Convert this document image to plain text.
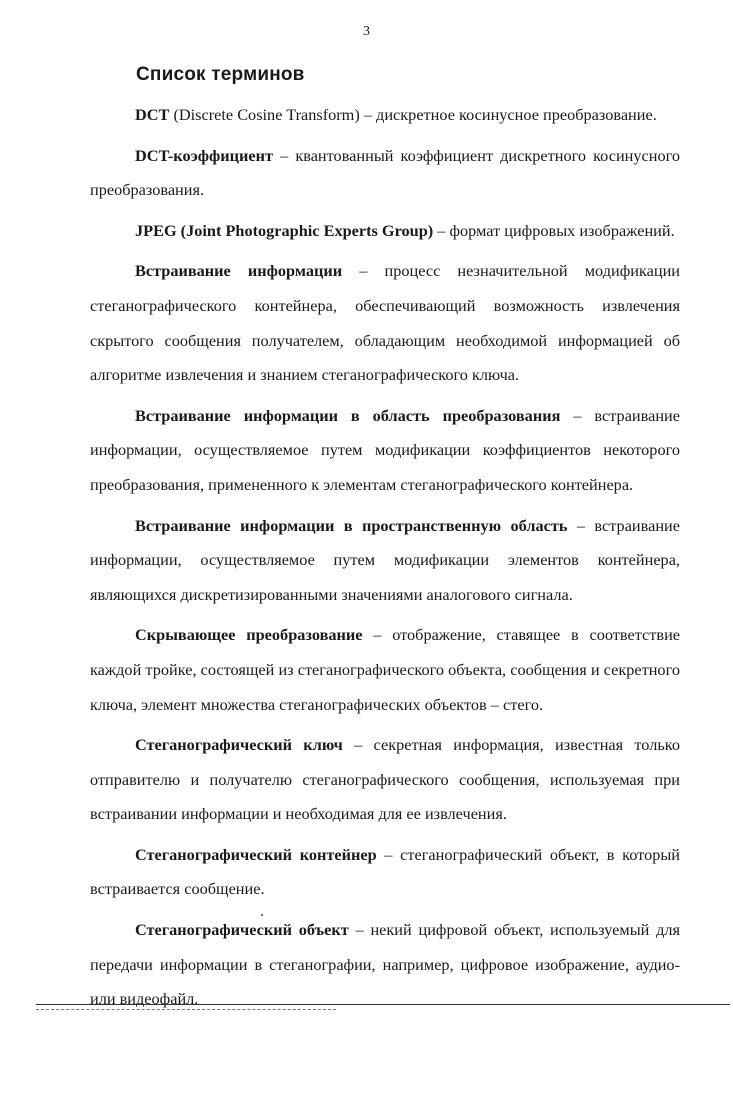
3
Список терминов

DCT (Discrete Cosine Transform) – дискретное косинусное преобразование.

DCT-коэффициент – квантованный коэффициент дискретного косинусного преобразования.

JPEG (Joint Photographic Experts Group) – формат цифровых изображений.

Встраивание информации – процесс незначительной модификации стеганографического контейнера, обеспечивающий возможность извлечения скрытого сообщения получателем, обладающим необходимой информацией об алгоритме извлечения и знанием стеганографического ключа.

Встраивание информации в область преобразования – встраивание информации, осуществляемое путем модификации коэффициентов некоторого преобразования, примененного к элементам стеганографического контейнера.

Встраивание информации в пространственную область – встраивание информации, осуществляемое путем модификации элементов контейнера, являющихся дискретизированными значениями аналогового сигнала.

Скрывающее преобразование – отображение, ставящее в соответствие каждой тройке, состоящей из стеганографического объекта, сообщения и секретного ключа, элемент множества стеганографических объектов – стего.

Стеганографический ключ – секретная информация, известная только отправителю и получателю стеганографического сообщения, используемая при встраивании информации и необходимая для ее извлечения.

Стеганографический контейнер – стеганографический объект, в который встраивается сообщение.

Стеганографический объект – некий цифровой объект, используемый для передачи информации в стеганографии, например, цифровое изображение, аудио- или видеофайл.
